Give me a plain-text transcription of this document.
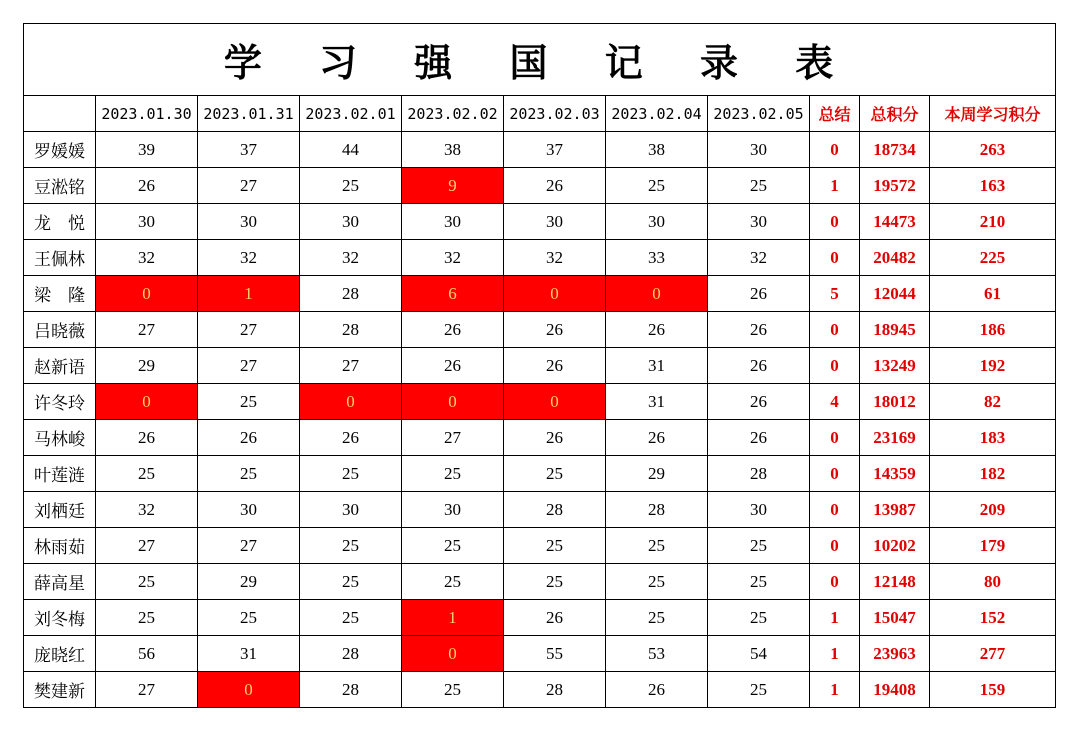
学 习 强 国 记 录 表										
	2023.01.30	2023.01.31	2023.02.01	2023.02.02	2023.02.03	2023.02.04	2023.02.05	总结	总积分	本周学习积分
罗媛媛	39	37	44	38	37	38	30	0	18734	263
豆淞铭	26	27	25	9	26	25	25	1	19572	163
龙　悦	30	30	30	30	30	30	30	0	14473	210
王佩林	32	32	32	32	32	33	32	0	20482	225
梁　隆	0	1	28	6	0	0	26	5	12044	61
吕晓薇	27	27	28	26	26	26	26	0	18945	186
赵新语	29	27	27	26	26	31	26	0	13249	192
许冬玲	0	25	0	0	0	31	26	4	18012	82
马林峻	26	26	26	27	26	26	26	0	23169	183
叶莲涟	25	25	25	25	25	29	28	0	14359	182
刘栖廷	32	30	30	30	28	28	30	0	13987	209
林雨茹	27	27	25	25	25	25	25	0	10202	179
薛高星	25	29	25	25	25	25	25	0	12148	80
刘冬梅	25	25	25	1	26	25	25	1	15047	152
庞晓红	56	31	28	0	55	53	54	1	23963	277
樊建新	27	0	28	25	28	26	25	1	19408	159
